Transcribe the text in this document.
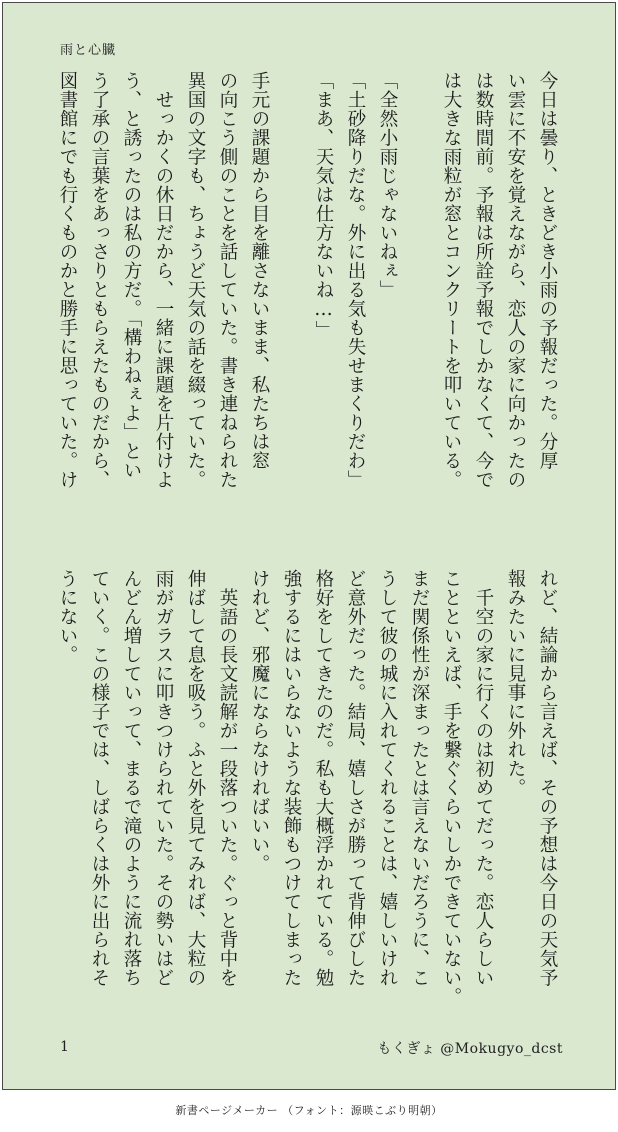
雨と心臓
今日は曇り、ときどき小雨の予報だった。分厚
い雲に不安を覚えながら、恋人の家に向かったの
は数時間前。予報は所詮予報でしかなくて、今で
は大きな雨粒が窓とコンクリートを叩いている。

「全然小雨じゃないねぇ」
「土砂降りだな。外に出る気も失せまくりだわ」
「まあ、天気は仕方ないね…」

手元の課題から目を離さないまま、私たちは窓
の向こう側のことを話していた。書き連ねられた
異国の文字も、ちょうど天気の話を綴っていた。
　せっかくの休日だから、一緒に課題を片付けよ
う、と誘ったのは私の方だ。「構わねぇよ」とい
う了承の言葉をあっさりともらえたものだから、
図書館にでも行くものかと勝手に思っていた。け
れど、結論から言えば、その予想は今日の天気予
報みたいに見事に外れた。
　千空の家に行くのは初めてだった。恋人らしい
ことといえば、手を繋ぐくらいしかできていない。
まだ関係性が深まったとは言えないだろうに、こ
うして彼の城に入れてくれることは、嬉しいけれ
ど意外だった。結局、嬉しさが勝って背伸びした
格好をしてきたのだ。私も大概浮かれている。勉
強するにはいらないような装飾もつけてしまった
けれど、邪魔にならなければいい。
　英語の長文読解が一段落ついた。ぐっと背中を
伸ばして息を吸う。ふと外を見てみれば、大粒の
雨がガラスに叩きつけられていた。その勢いはど
んどん増していって、まるで滝のように流れ落ち
ていく。この様子では、しばらくは外に出られそ
うにない。
1	もくぎょ @Mokugyo_dcst
新書ページメーカー （フォント：源暎こぶり明朝）
